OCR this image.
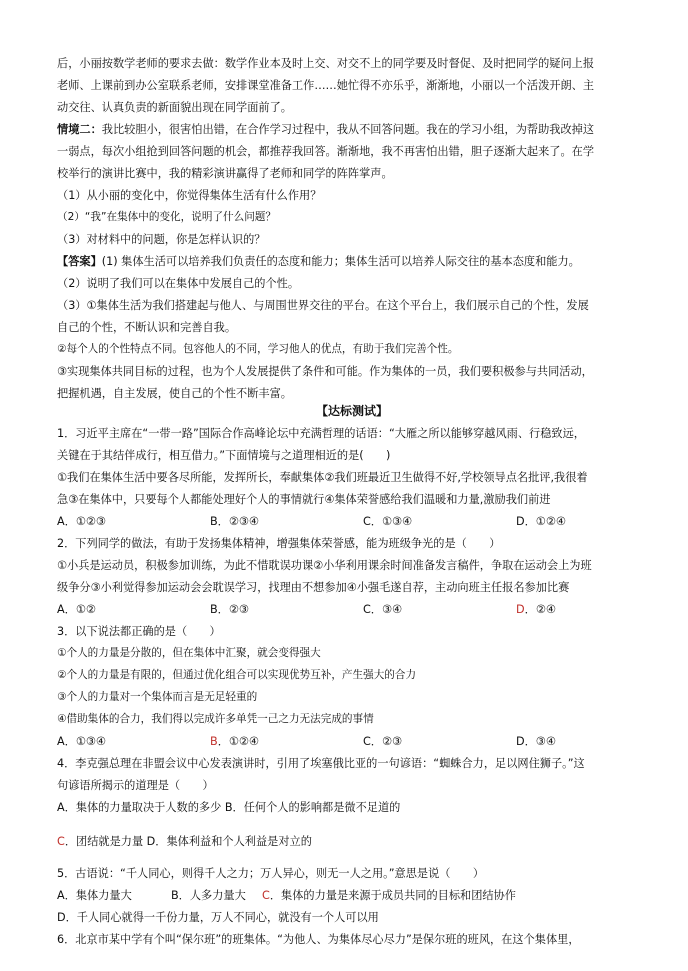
后，小丽按数学老师的要求去做：数学作业本及时上交、对交不上的同学要及时督促、及时把同学的疑问上报
老师、上课前到办公室联系老师，安排课堂准备工作……她忙得不亦乐乎，渐渐地，小丽以一个活泼开朗、主
动交往、认真负责的新面貌出现在同学面前了。
情境二：我比较胆小，很害怕出错，在合作学习过程中，我从不回答问题。我在的学习小组，为帮助我改掉这
一弱点，每次小组抢到回答问题的机会，都推荐我回答。渐渐地，我不再害怕出错，胆子逐渐大起来了。在学
校举行的演讲比赛中，我的精彩演讲赢得了老师和同学的阵阵掌声。
（1）从小丽的变化中，你觉得集体生活有什么作用？
（2）“我”在集体中的变化，说明了什么问题？
（3）对材料中的问题，你是怎样认识的？
【答案】(1) 集体生活可以培养我们负责任的态度和能力；集体生活可以培养人际交往的基本态度和能力。
（2）说明了我们可以在集体中发展自己的个性。
（3）①集体生活为我们搭建起与他人、与周围世界交往的平台。在这个平台上，我们展示自己的个性，发展
自己的个性，不断认识和完善自我。
②每个人的个性特点不同。包容他人的不同，学习他人的优点，有助于我们完善个性。
③实现集体共同目标的过程，也为个人发展提供了条件和可能。作为集体的一员，我们要积极参与共同活动，
把握机遇，自主发展，使自己的个性不断丰富。
【达标测试】
1．习近平主席在“一带一路”国际合作高峰论坛中充满哲理的话语：“大雁之所以能够穿越风雨、行稳致远，
关键在于其结伴成行，相互借力。”下面情境与之道理相近的是(　　)
①我们在集体生活中要各尽所能，发挥所长，奉献集体②我们班最近卫生做得不好,学校领导点名批评,我很着
急③在集体中，只要每个人都能处理好个人的事情就行④集体荣誉感给我们温暖和力量,激励我们前进
A．①②③	B．②③④	C．①③④	D．①②④
2．下列同学的做法，有助于发扬集体精神，增强集体荣誉感，能为班级争光的是（　　）
①小兵是运动员，积极参加训练，为此不惜耽误功课②小华利用课余时间准备发言稿件，争取在运动会上为班
级争分③小利觉得参加运动会会耽误学习，找理由不想参加④小强毛遂自荐，主动向班主任报名参加比赛
A．①②	B．②③	C．③④	D．②④
3．以下说法都正确的是（　　）
①个人的力量是分散的，但在集体中汇聚，就会变得强大
②个人的力量是有限的，但通过优化组合可以实现优势互补，产生强大的合力
③个人的力量对一个集体而言是无足轻重的
④借助集体的合力，我们得以完成许多单凭一己之力无法完成的事情
A．①③④	B．①②④	C．②③	D．③④
4．李克强总理在非盟会议中心发表演讲时，引用了埃塞俄比亚的一句谚语：“蜘蛛合力，足以网住狮子。”这
句谚语所揭示的道理是（　　）
A．集体的力量取决于人数的多少 B．任何个人的影响都是微不足道的
C．团结就是力量 D．集体利益和个人利益是对立的
5．古语说：“千人同心，则得千人之力；万人异心，则无一人之用。”意思是说（　　）
A．集体力量大	B．人多力量大 C．集体的力量是来源于成员共同的目标和团结协作
D．千人同心就得一千份力量，万人不同心，就没有一个人可以用
6．北京市某中学有个叫“保尔班”的班集体。“为他人、为集体尽心尽力”是保尔班的班风，在这个集体里，
